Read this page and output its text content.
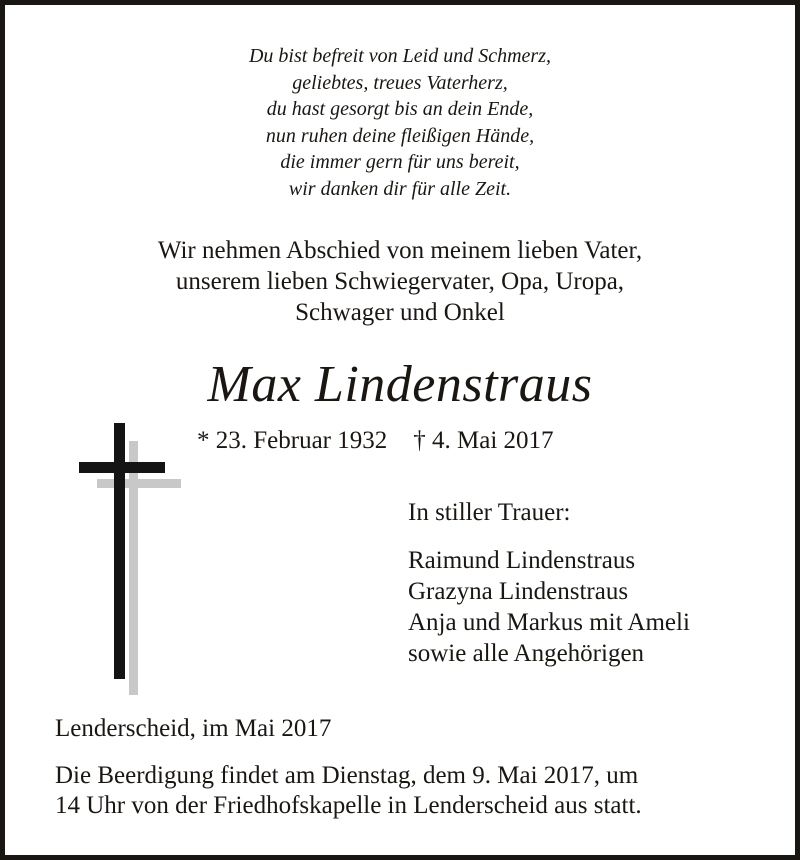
Du bist befreit von Leid und Schmerz,
geliebtes, treues Vaterherz,
du hast gesorgt bis an dein Ende,
nun ruhen deine fleißigen Hände,
die immer gern für uns bereit,
wir danken dir für alle Zeit.
Wir nehmen Abschied von meinem lieben Vater,
unserem lieben Schwiegervater, Opa, Uropa,
Schwager und Onkel
Max Lindenstraus
* 23. Februar 1932 † 4. Mai 2017
In stiller Trauer:
Raimund Lindenstraus
Grazyna Lindenstraus
Anja und Markus mit Ameli
sowie alle Angehörigen
Lenderscheid, im Mai 2017
Die Beerdigung findet am Dienstag, dem 9. Mai 2017, um
14 Uhr von der Friedhofskapelle in Lenderscheid aus statt.
